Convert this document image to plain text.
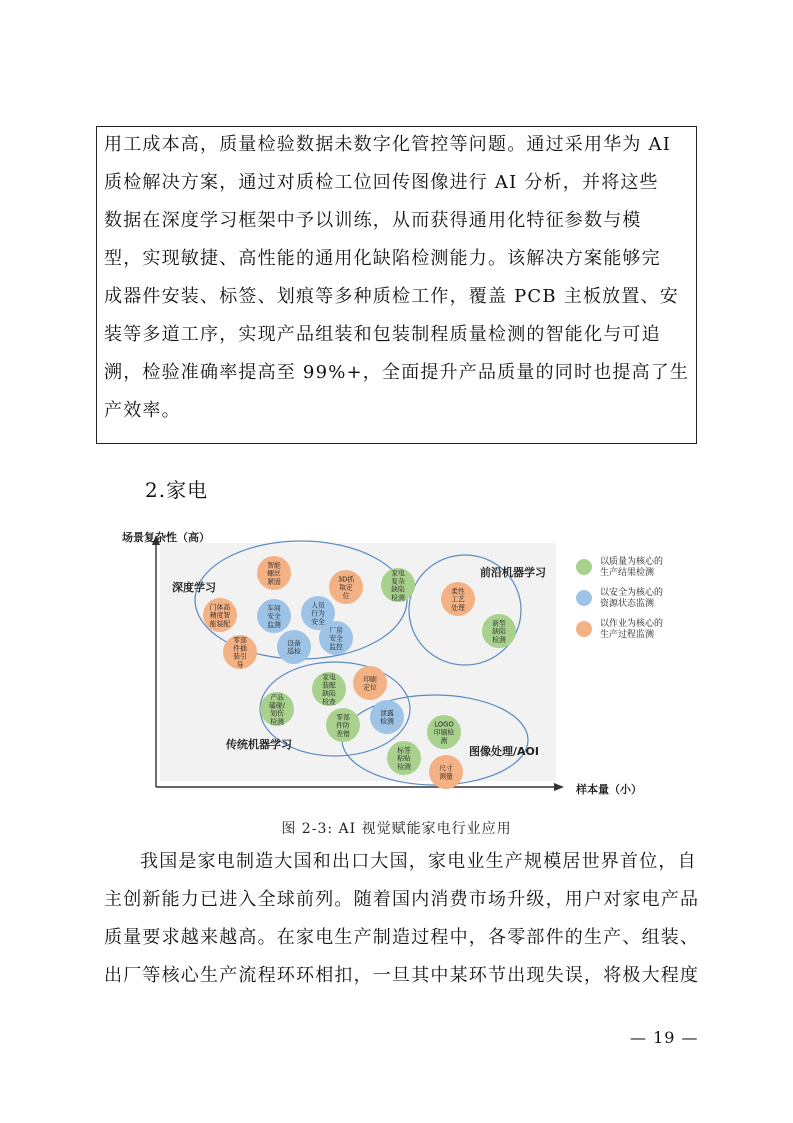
用工成本高，质量检验数据未数字化管控等问题。通过采用华为 AI
质检解决方案，通过对质检工位回传图像进行 AI 分析，并将这些
数据在深度学习框架中予以训练，从而获得通用化特征参数与模
型，实现敏捷、高性能的通用化缺陷检测能力。该解决方案能够完
成器件安装、标签、划痕等多种质检工作，覆盖 PCB 主板放置、安
装等多道工序，实现产品组装和包装制程质量检测的智能化与可追
溯，检验准确率提高至 99%+，全面提升产品质量的同时也提高了生
产效率。
2.家电
场景复杂性（高）
样本量（小）
深度学习
前沿机器学习
传统机器学习
图像处理/AOI
智能
螺丝
紧固
门体高
精度智
能装配
车间
安全
监测
人员
行为
安全
3D抓
取定
位
零部
件插
装引
导
设备
巡检
厂房
安全
监控
家电
复杂
缺陷
检测
柔性
工艺
处理
新型
缺陷
检测
家电
装配
缺陷
检查
印刷
定位
产品
磕碰/
划伤
检测
零部
件防
差错
泄露
检测	LOGO
印刷检
测
标签
粘贴
检测	尺寸
测量
以质量为核心的
生产结果检测
以安全为核心的
资源状态监测
以作业为核心的
生产过程监测
图 2-3: AI 视觉赋能家电行业应用
我国是家电制造大国和出口大国，家电业生产规模居世界首位，自
主创新能力已进入全球前列。随着国内消费市场升级，用户对家电产品
质量要求越来越高。在家电生产制造过程中，各零部件的生产、组装、
出厂等核心生产流程环环相扣，一旦其中某环节出现失误，将极大程度
— 19 —
